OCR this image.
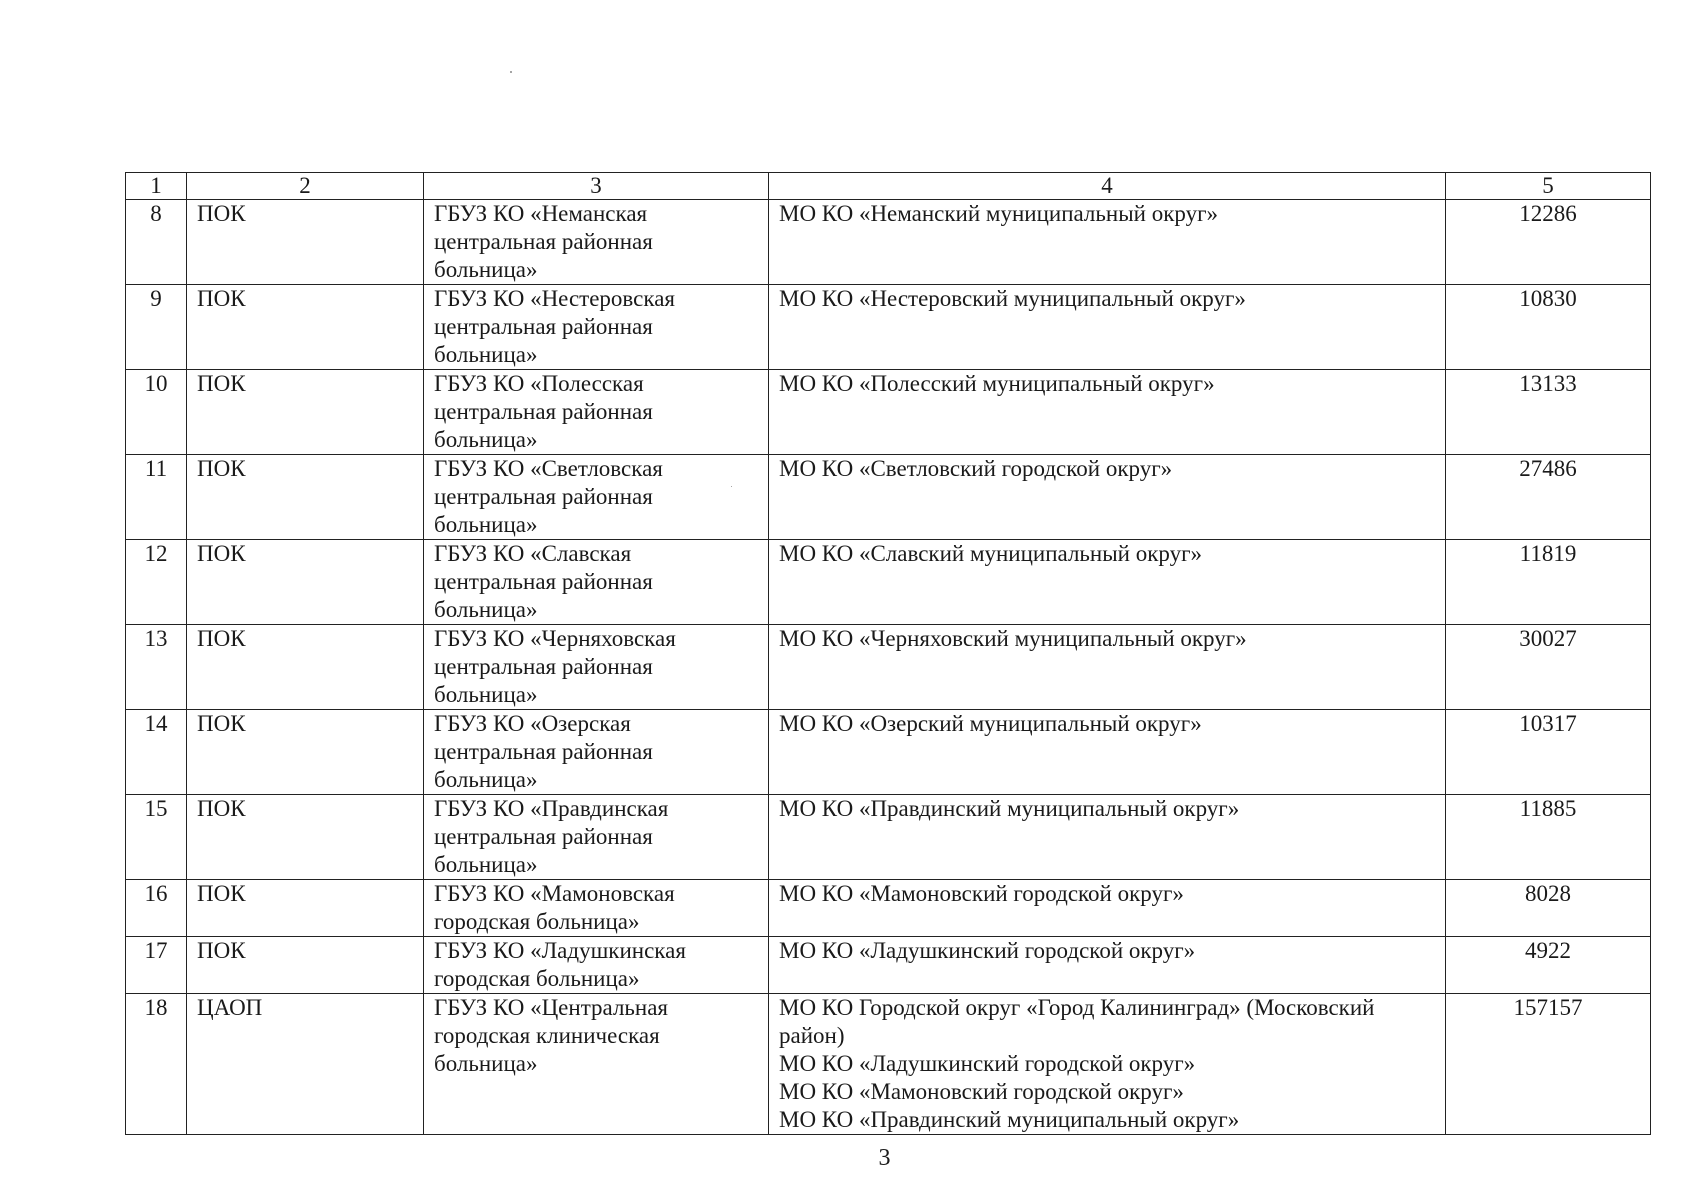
1	2	3	4	5
8	ПОК	ГБУЗ КО «Неманская
центральная районная
больница»	МО КО «Неманский муниципальный округ»	12286
9	ПОК	ГБУЗ КО «Нестеровская
центральная районная
больница»	МО КО «Нестеровский муниципальный округ»	10830
10	ПОК	ГБУЗ КО «Полесская
центральная районная
больница»	МО КО «Полесский муниципальный округ»	13133
11	ПОК	ГБУЗ КО «Светловская
центральная районная
больница»	МО КО «Светловский городской округ»	27486
12	ПОК	ГБУЗ КО «Славская
центральная районная
больница»	МО КО «Славский муниципальный округ»	11819
13	ПОК	ГБУЗ КО «Черняховская
центральная районная
больница»	МО КО «Черняховский муниципальный округ»	30027
14	ПОК	ГБУЗ КО «Озерская
центральная районная
больница»	МО КО «Озерский муниципальный округ»	10317
15	ПОК	ГБУЗ КО «Правдинская
центральная районная
больница»	МО КО «Правдинский муниципальный округ»	11885
16	ПОК	ГБУЗ КО «Мамоновская
городская больница»	МО КО «Мамоновский городской округ»	8028
17	ПОК	ГБУЗ КО «Ладушкинская
городская больница»	МО КО «Ладушкинский городской округ»	4922
18	ЦАОП	ГБУЗ КО «Центральная
городская клиническая
больница»	МО КО Городской округ «Город Калининград» (Московский
район)
МО КО «Ладушкинский городской округ»
МО КО «Мамоновский городской округ»
МО КО «Правдинский муниципальный округ»	157157
3
